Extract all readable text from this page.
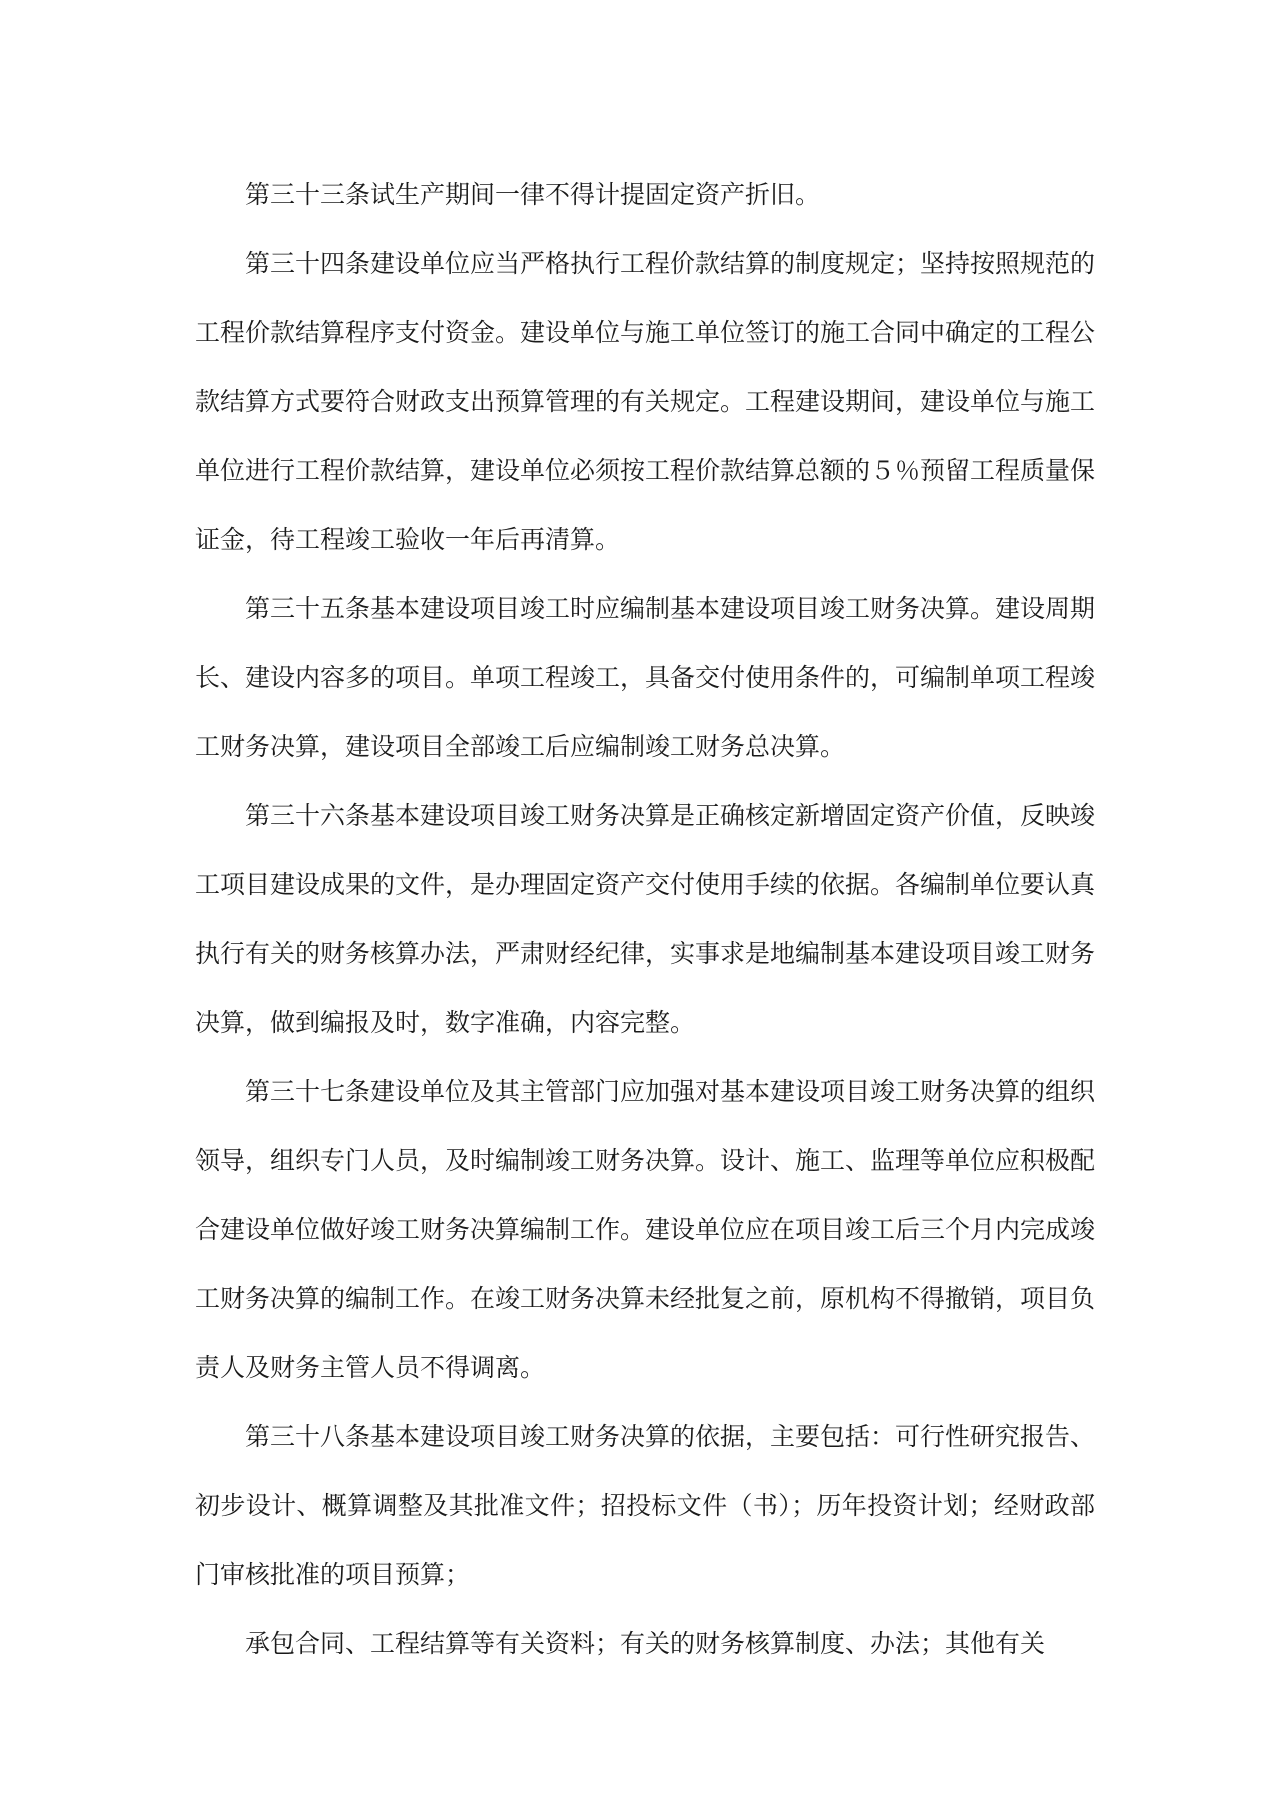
第三十三条试生产期间一律不得计提固定资产折旧。

第三十四条建设单位应当严格执行工程价款结算的制度规定；坚持按照规范的工程价款结算程序支付资金。建设单位与施工单位签订的施工合同中确定的工程公款结算方式要符合财政支出预算管理的有关规定。工程建设期间，建设单位与施工单位进行工程价款结算，建设单位必须按工程价款结算总额的５％预留工程质量保证金，待工程竣工验收一年后再清算。

第三十五条基本建设项目竣工时应编制基本建设项目竣工财务决算。建设周期长、建设内容多的项目。单项工程竣工，具备交付使用条件的，可编制单项工程竣工财务决算，建设项目全部竣工后应编制竣工财务总决算。

第三十六条基本建设项目竣工财务决算是正确核定新增固定资产价值，反映竣工项目建设成果的文件，是办理固定资产交付使用手续的依据。各编制单位要认真执行有关的财务核算办法，严肃财经纪律，实事求是地编制基本建设项目竣工财务决算，做到编报及时，数字准确，内容完整。

第三十七条建设单位及其主管部门应加强对基本建设项目竣工财务决算的组织领导，组织专门人员，及时编制竣工财务决算。设计、施工、监理等单位应积极配合建设单位做好竣工财务决算编制工作。建设单位应在项目竣工后三个月内完成竣工财务决算的编制工作。在竣工财务决算未经批复之前，原机构不得撤销，项目负责人及财务主管人员不得调离。

第三十八条基本建设项目竣工财务决算的依据，主要包括：可行性研究报告、初步设计、概算调整及其批准文件；招投标文件（书）；历年投资计划；经财政部门审核批准的项目预算；

承包合同、工程结算等有关资料；有关的财务核算制度、办法；其他有关
